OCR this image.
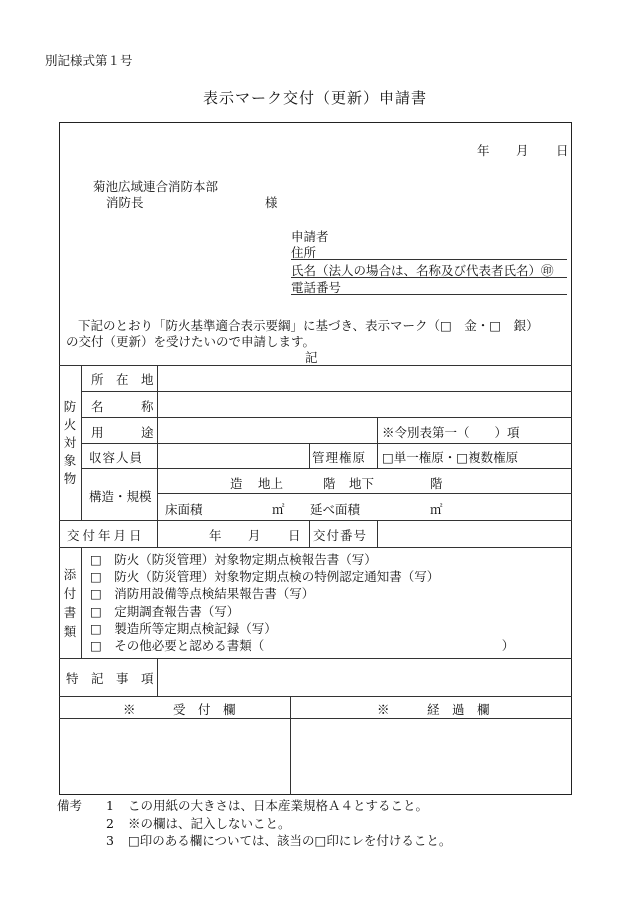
別記様式第１号
表示マーク交付（更新）申請書
年 月 日
菊池広域連合消防本部
消防長	様
申請者
住所
氏名（法人の場合は、名称及び代表者氏名）㊞
電話番号
下記のとおり「防火基準適合表示要綱」に基づき、表示マーク（□　金・□　銀）
の交付（更新）を受けたいので申請します。
記
防
火
対
象
物
所　在　地
名　　　称
用　　　途	※令別表第一（　　）項
収容人員	管理権原 □単一権原・□複数権原
構造・規模
造 地上	階 地下	階
床面積	㎡ 延べ面積	㎡
交付年月日	年 月 日 交付番号
添
付
書
類
□　防火（防災管理）対象物定期点検報告書（写）
□　防火（防災管理）対象物定期点検の特例認定通知書（写）
□　消防用設備等点検結果報告書（写）
□　定期調査報告書（写）
□　製造所等定期点検記録（写）
□　その他必要と認める書類（　　　　　　　　　　　　　　　　　　　）
特　記　事　項
※　　　受　付　欄	※　　　経　過　欄
備考 1 この用紙の大きさは、日本産業規格Ａ４とすること。
2 ※の欄は、記入しないこと。
3 □印のある欄については、該当の□印にレを付けること。
